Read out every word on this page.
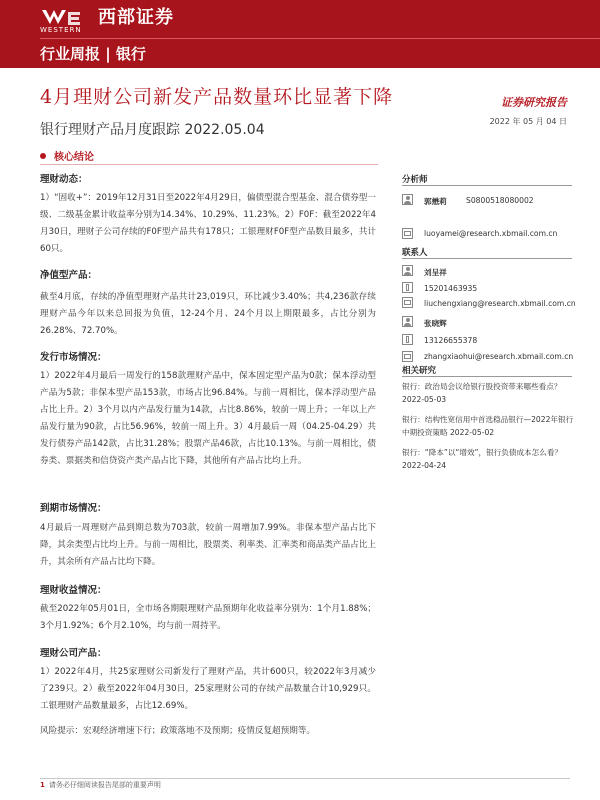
WESTERN
西部证券
行业周报 | 银行
4月理财公司新发产品数量环比显著下降	证券研究报告
银行理财产品月度跟踪 2022.05.04
2022 年 05 月 04 日
核心结论
理财动态：
1）“固收+”：2019年12月31日至2022年4月29日，偏债型混合型基金、混合债券型一级、二级基金累计收益率分别为14.34%、10.29%、11.23%。2）F0F：截至2022年4月30日，理财子公司存续的F0F型产品共有178只；工银理财F0F型产品数目最多，共计60只。
净值型产品：
截至4月底，存续的净值型理财产品共计23,019只，环比减少3.40%；共4,236款存续理财产品今年以来总回报为负值，12-24个月、24个月以上期限最多，占比分别为26.28%、72.70%。
发行市场情况：
1）2022年4月最后一周发行的158款理财产品中，保本固定型产品为0款；保本浮动型产品为5款；非保本型产品153款，市场占比96.84%。与前一周相比，保本浮动型产品占比上升。2）3个月以内产品发行量为14款，占比8.86%，较前一周上升；一年以上产品发行量为90款，占比56.96%，较前一周上升。3）4月最后一周（04.25-04.29）共发行债券产品142款，占比31.28%；股票产品46款，占比10.13%。与前一周相比，债券类、票据类和信贷资产类产品占比下降，其他所有产品占比均上升。
到期市场情况：
4月最后一周理财产品到期总数为703款，较前一周增加7.99%。非保本型产品占比下降，其余类型占比均上升。与前一周相比，股票类、利率类、汇率类和商品类产品占比上升，其余所有产品占比均下降。
理财收益情况：
截至2022年05月01日，全市场各期限理财产品预期年化收益率分别为：1个月1.88%；3个月1.92%；6个月2.10%，均与前一周持平。
理财公司产品：
1）2022年4月，共25家理财公司新发行了理财产品，共计600只，较2022年3月减少了239只。2）截至2022年04月30日，25家理财公司的存续产品数量合计10,929只。工银理财产品数量最多，占比12.69%。
风险提示：宏观经济增速下行；政策落地不及预期；疫情反复超预期等。
分析师
郭懋莉	S0800518080002
luoyamei@research.xbmail.com.cn
联系人
刘呈祥
15201463935
liuchengxiang@research.xbmail.com.cn
张晓辉
13126655378
zhangxiaohui@research.xbmail.com.cn
相关研究
银行：政治局会议给银行股投资带来哪些看点？ 2022-05-03
银行：结构性宽信用中首选稳品银行—2022年银行中期投资策略 2022-05-02
银行：“降本”以“增效”，银行负债成本怎么看？ 2022-04-24
1 请务必仔细阅读报告尾部的重要声明
